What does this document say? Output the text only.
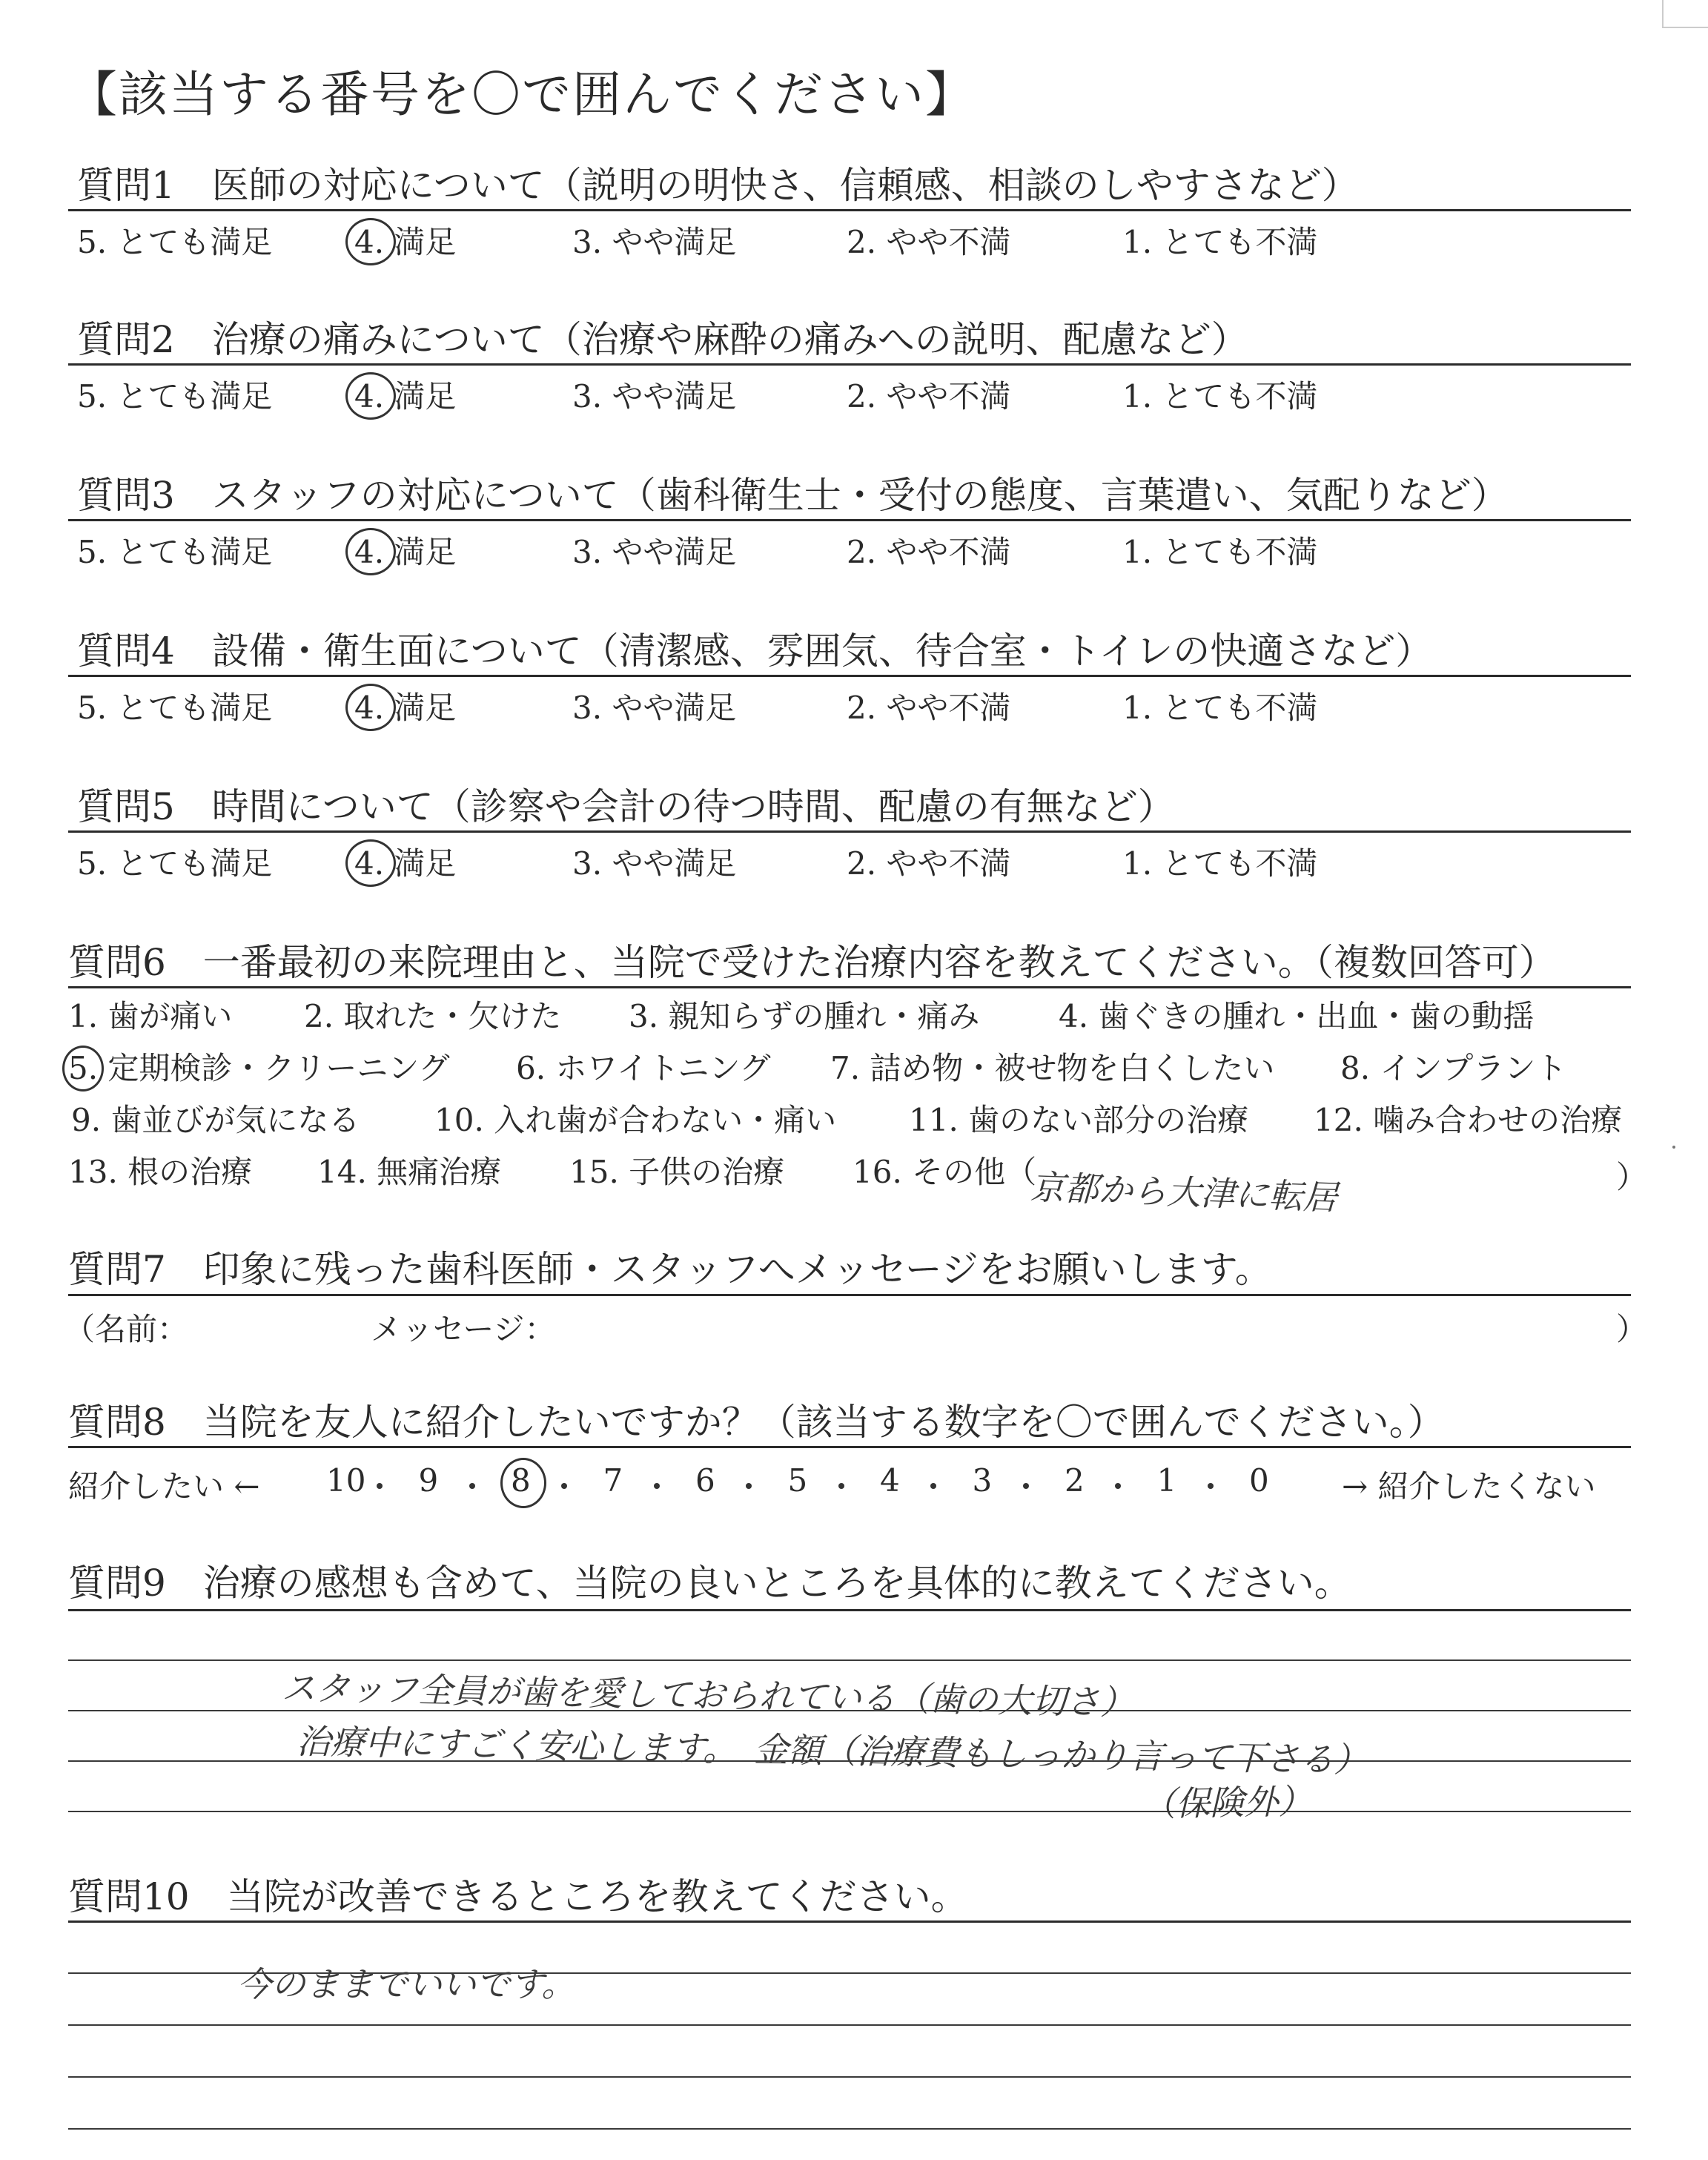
【該当する番号を〇で囲んでください】
質問1　医師の対応について（説明の明快さ、信頼感、相談のしやすさなど）
5. とても満足	4. 満足	3. やや満足	2. やや不満	1. とても不満
質問2　治療の痛みについて（治療や麻酔の痛みへの説明、配慮など）
5. とても満足	4. 満足	3. やや満足	2. やや不満	1. とても不満
質問3　スタッフの対応について（歯科衛生士・受付の態度、言葉遣い、気配りなど）
5. とても満足	4. 満足	3. やや満足	2. やや不満	1. とても不満
質問4　設備・衛生面について（清潔感、雰囲気、待合室・トイレの快適さなど）
5. とても満足	4. 満足	3. やや満足	2. やや不満	1. とても不満
質問5　時間について（診察や会計の待つ時間、配慮の有無など）
5. とても満足	4. 満足	3. やや満足	2. やや不満	1. とても不満
質問6　一番最初の来院理由と、当院で受けた治療内容を教えてください。（複数回答可）
1. 歯が痛い 2. 取れた・欠けた 3. 親知らずの腫れ・痛み	4. 歯ぐきの腫れ・出血・歯の動揺
5. 定期検診・クリーニング 6. ホワイトニング 7. 詰め物・被せ物を白くしたい 8. インプラント
9. 歯並びが気になる 10. 入れ歯が合わない・痛い 11. 歯のない部分の治療 12. 噛み合わせの治療
13. 根の治療 14. 無痛治療 15. 子供の治療 16. その他（	）
京都から大津に転居
質問7　印象に残った歯科医師・スタッフへメッセージをお願いします。
（名前：	メッセージ：	）
質問8　当院を友人に紹介したいですか？（該当する数字を〇で囲んでください。）
紹介したい ← 10 9 8 7 6 5 4 3 2 1 0 → 紹介したくない
質問9　治療の感想も含めて、当院の良いところを具体的に教えてください。
スタッフ全員が歯を愛しておられている（歯の大切さ）
治療中にすごく安心します。　金額（治療費もしっかり言って下さる）
（保険外）
質問10　当院が改善できるところを教えてください。
今のままでいいです。
